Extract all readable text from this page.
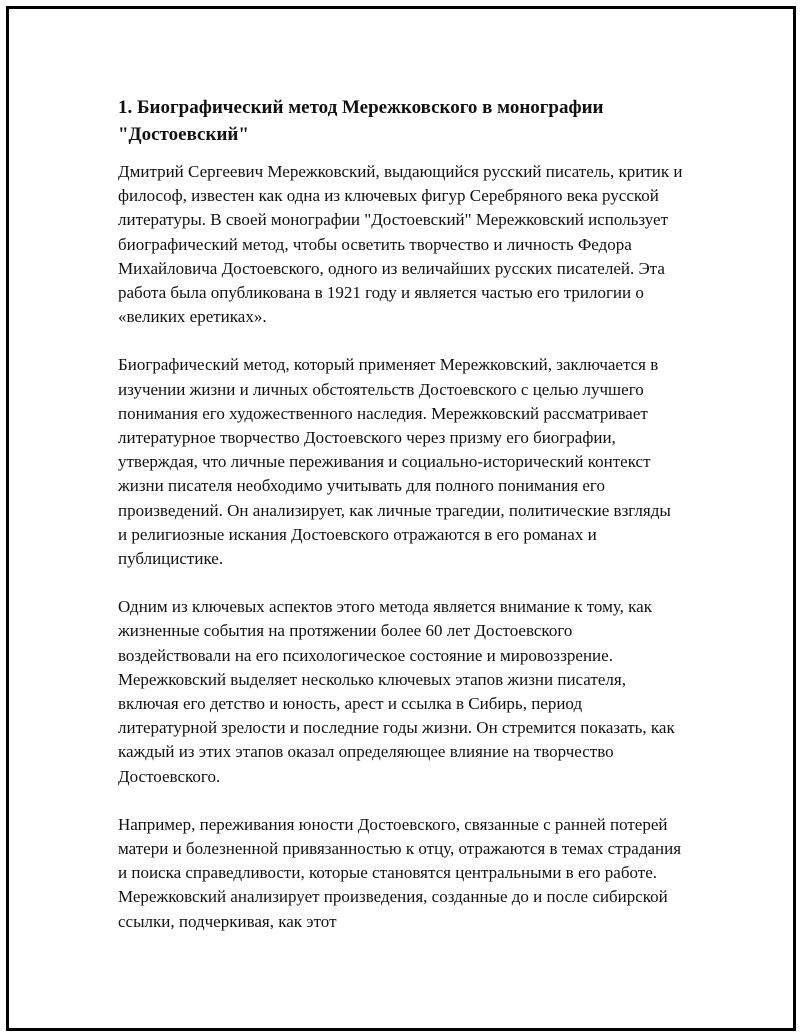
1. Биографический метод Мережковского в монографии "Достоевский"

Дмитрий Сергеевич Мережковский, выдающийся русский писатель, критик и философ, известен как одна из ключевых фигур Серебряного века русской литературы. В своей монографии "Достоевский" Мережковский использует биографический метод, чтобы осветить творчество и личность Федора Михайловича Достоевского, одного из величайших русских писателей. Эта работа была опубликована в 1921 году и является частью его трилогии о «великих еретиках».

Биографический метод, который применяет Мережковский, заключается в изучении жизни и личных обстоятельств Достоевского с целью лучшего понимания его художественного наследия. Мережковский рассматривает литературное творчество Достоевского через призму его биографии, утверждая, что личные переживания и социально-исторический контекст жизни писателя необходимо учитывать для полного понимания его произведений. Он анализирует, как личные трагедии, политические взгляды и религиозные искания Достоевского отражаются в его романах и публицистике.

Одним из ключевых аспектов этого метода является внимание к тому, как жизненные события на протяжении более 60 лет Достоевского воздействовали на его психологическое состояние и мировоззрение. Мережковский выделяет несколько ключевых этапов жизни писателя, включая его детство и юность, арест и ссылка в Сибирь, период литературной зрелости и последние годы жизни. Он стремится показать, как каждый из этих этапов оказал определяющее влияние на творчество Достоевского.

Например, переживания юности Достоевского, связанные с ранней потерей матери и болезненной привязанностью к отцу, отражаются в темах страдания и поиска справедливости, которые становятся центральными в его работе. Мережковский анализирует произведения, созданные до и после сибирской ссылки, подчеркивая, как этот
